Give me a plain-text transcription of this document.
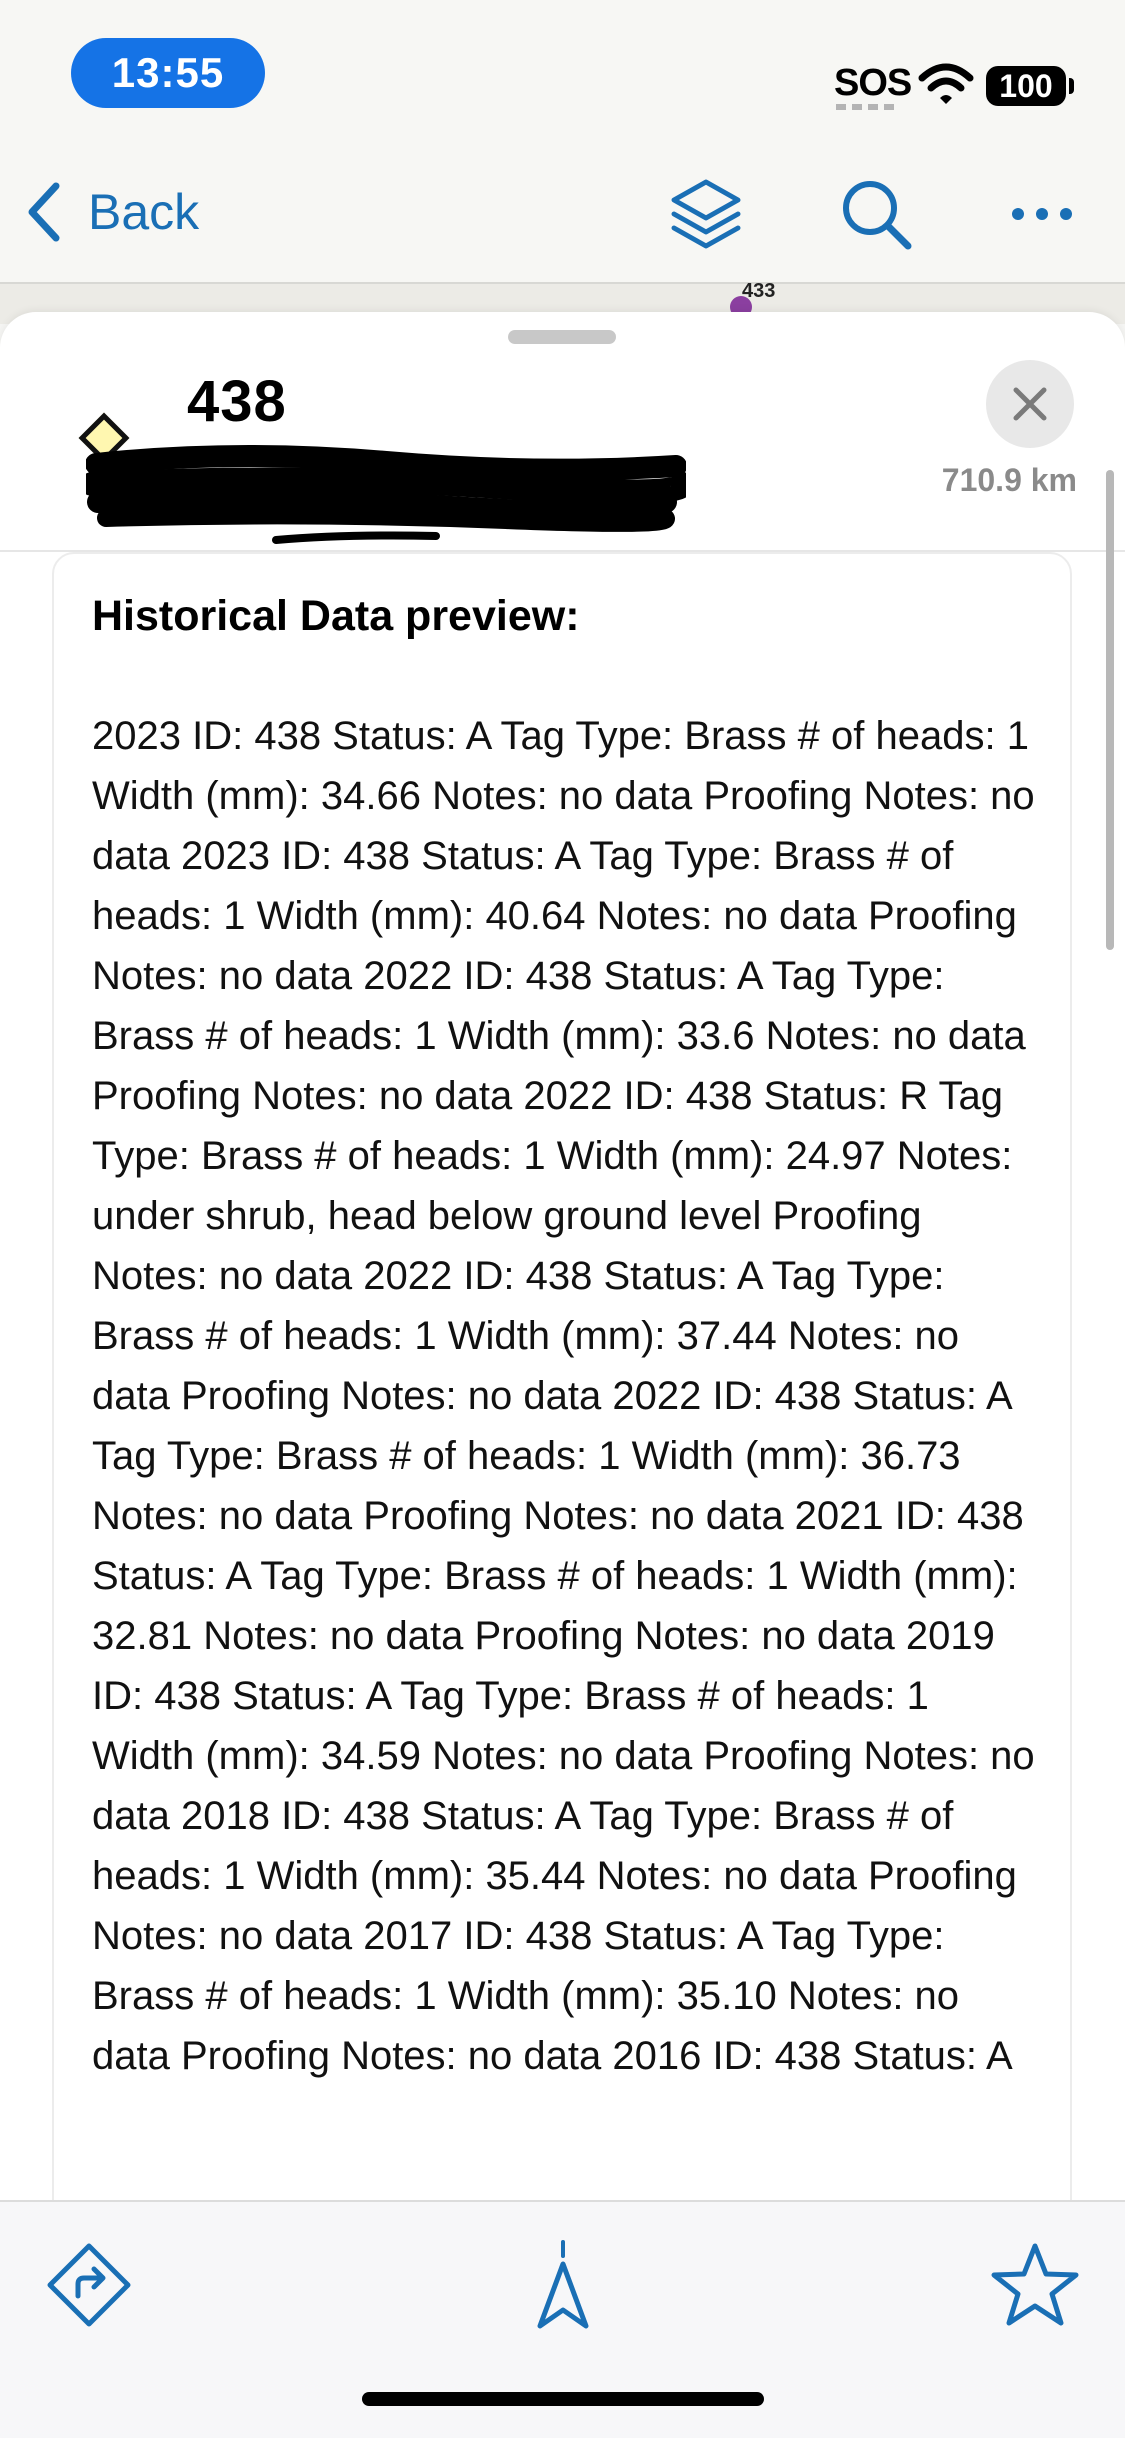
13:55	SOS	100
Back
433
438
710.9 km
Historical Data preview:
2023 ID: 438 Status: A Tag Type: Brass # of heads: 1 Width (mm): 34.66 Notes: no data Proofing Notes: no data 2023 ID: 438 Status: A Tag Type: Brass # of heads: 1 Width (mm): 40.64 Notes: no data Proofing Notes: no data 2022 ID: 438 Status: A Tag Type: Brass # of heads: 1 Width (mm): 33.6 Notes: no data Proofing Notes: no data 2022 ID: 438 Status: R Tag Type: Brass # of heads: 1 Width (mm): 24.97 Notes: under shrub, head below ground level Proofing Notes: no data 2022 ID: 438 Status: A Tag Type: Brass # of heads: 1 Width (mm): 37.44 Notes: no data Proofing Notes: no data 2022 ID: 438 Status: A Tag Type: Brass # of heads: 1 Width (mm): 36.73 Notes: no data Proofing Notes: no data 2021 ID: 438 Status: A Tag Type: Brass # of heads: 1 Width (mm): 32.81 Notes: no data Proofing Notes: no data 2019 ID: 438 Status: A Tag Type: Brass # of heads: 1 Width (mm): 34.59 Notes: no data Proofing Notes: no data 2018 ID: 438 Status: A Tag Type: Brass # of heads: 1 Width (mm): 35.44 Notes: no data Proofing Notes: no data 2017 ID: 438 Status: A Tag Type: Brass # of heads: 1 Width (mm): 35.10 Notes: no data Proofing Notes: no data 2016 ID: 438 Status: A
